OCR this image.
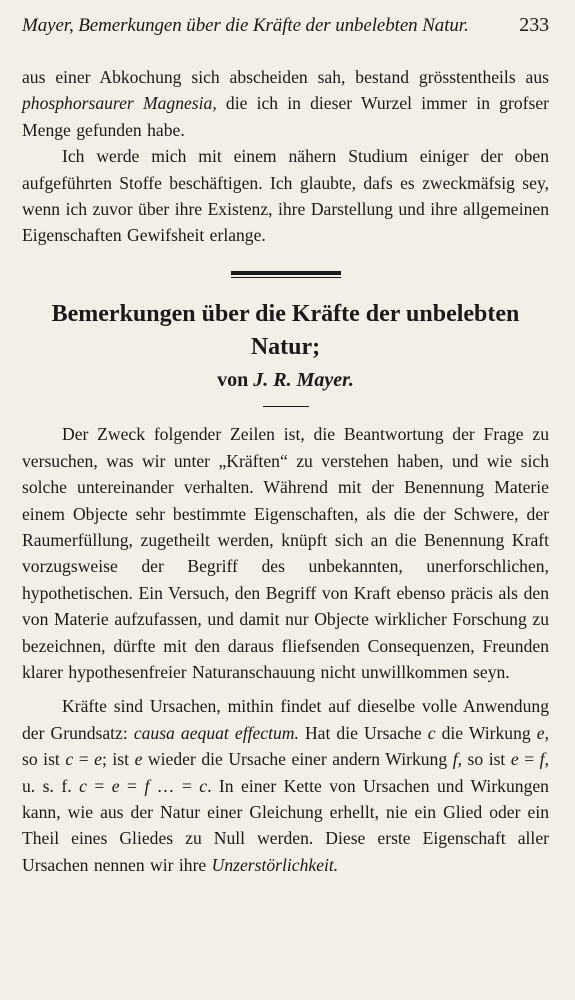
Mayer, Bemerkungen über die Kräfte der unbelebten Natur.	233

aus einer Abkochung sich abscheiden sah, bestand grösstentheils aus phosphorsaurer Magnesia, die ich in dieser Wurzel immer in grofser Menge gefunden habe.

Ich werde mich mit einem nähern Studium einiger der oben aufgeführten Stoffe beschäftigen. Ich glaubte, dafs es zweckmäfsig sey, wenn ich zuvor über ihre Existenz, ihre Darstellung und ihre allgemeinen Eigenschaften Gewifsheit erlange.

Bemerkungen über die Kräfte der unbelebten Natur;
von J. R. Mayer.

Der Zweck folgender Zeilen ist, die Beantwortung der Frage zu versuchen, was wir unter „Kräften“ zu verstehen haben, und wie sich solche untereinander verhalten. Während mit der Benennung Materie einem Objecte sehr bestimmte Eigenschaften, als die der Schwere, der Raumerfüllung, zugetheilt werden, knüpft sich an die Benennung Kraft vorzugsweise der Begriff des unbekannten, unerforschlichen, hypothetischen. Ein Versuch, den Begriff von Kraft ebenso präcis als den von Materie aufzufassen, und damit nur Objecte wirklicher Forschung zu bezeichnen, dürfte mit den daraus fliefsenden Consequenzen, Freunden klarer hypothesenfreier Naturanschauung nicht unwillkommen seyn.

Kräfte sind Ursachen, mithin findet auf dieselbe volle Anwendung der Grundsatz: causa aequat effectum. Hat die Ursache c die Wirkung e, so ist c = e; ist e wieder die Ursache einer andern Wirkung f, so ist e = f, u. s. f. c = e = f … = c. In einer Kette von Ursachen und Wirkungen kann, wie aus der Natur einer Gleichung erhellt, nie ein Glied oder ein Theil eines Gliedes zu Null werden. Diese erste Eigenschaft aller Ursachen nennen wir ihre Unzerstörlichkeit.
